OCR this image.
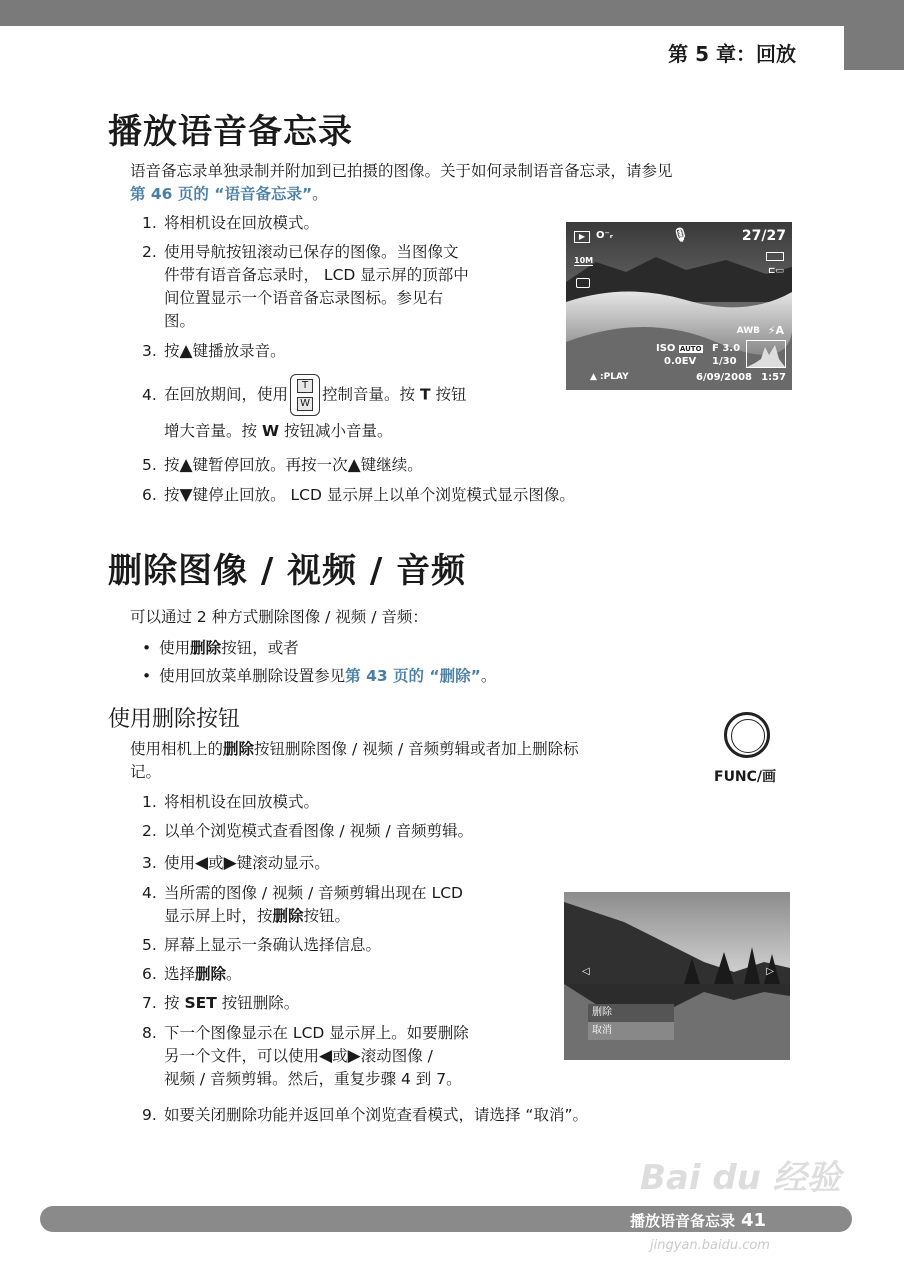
第 5 章：回放
播放语音备忘录
语音备忘录单独录制并附加到已拍摄的图像。关于如何录制语音备忘录，请参见
第 46 页的 “语音备忘录”。
1. 将相机设在回放模式。
2. 使用导航按钮滚动已保存的图像。当图像文
件带有语音备忘录时， LCD 显示屏的顶部中
间位置显示一个语音备忘录图标。参见右
图。
3. 按▲键播放录音。
4. 在回放期间，使用 $\frac{T}{W}$ 控制音量。按 T 按钮
增大音量。按 W 按钮减小音量。
5. 按▲键暂停回放。再按一次▲键继续。
6. 按▼键停止回放。 LCD 显示屏上以单个浏览模式显示图像。
▶	O⁻ᵣ	🎙	27/27
10M
⊏▭
AWB ⚡A
ISO AUTO F 3.0
0.0EV 1/30
▲ :PLAY	6/09/2008 1:57
删除图像 / 视频 / 音频
可以通过 2 种方式删除图像 / 视频 / 音频：
• 使用删除按钮，或者
• 使用回放菜单删除设置参见第 43 页的 “删除”。
使用删除按钮
使用相机上的删除按钮删除图像 / 视频 / 音频剪辑或者加上删除标
记。	FUNC/画
1. 将相机设在回放模式。
2. 以单个浏览模式查看图像 / 视频 / 音频剪辑。
3. 使用◀或▶键滚动显示。
4. 当所需的图像 / 视频 / 音频剪辑出现在 LCD
显示屏上时，按删除按钮。
5. 屏幕上显示一条确认选择信息。
6. 选择删除。
7. 按 SET 按钮删除。
8. 下一个图像显示在 LCD 显示屏上。如要删除
另一个文件，可以使用◀或▶滚动图像 /
视频 / 音频剪辑。然后，重复步骤 4 到 7。
9. 如要关闭删除功能并返回单个浏览查看模式，请选择 “取消”。
◁	▷
删除
取消
Bai du 经验
播放语音备忘录 41
jingyan.baidu.com
